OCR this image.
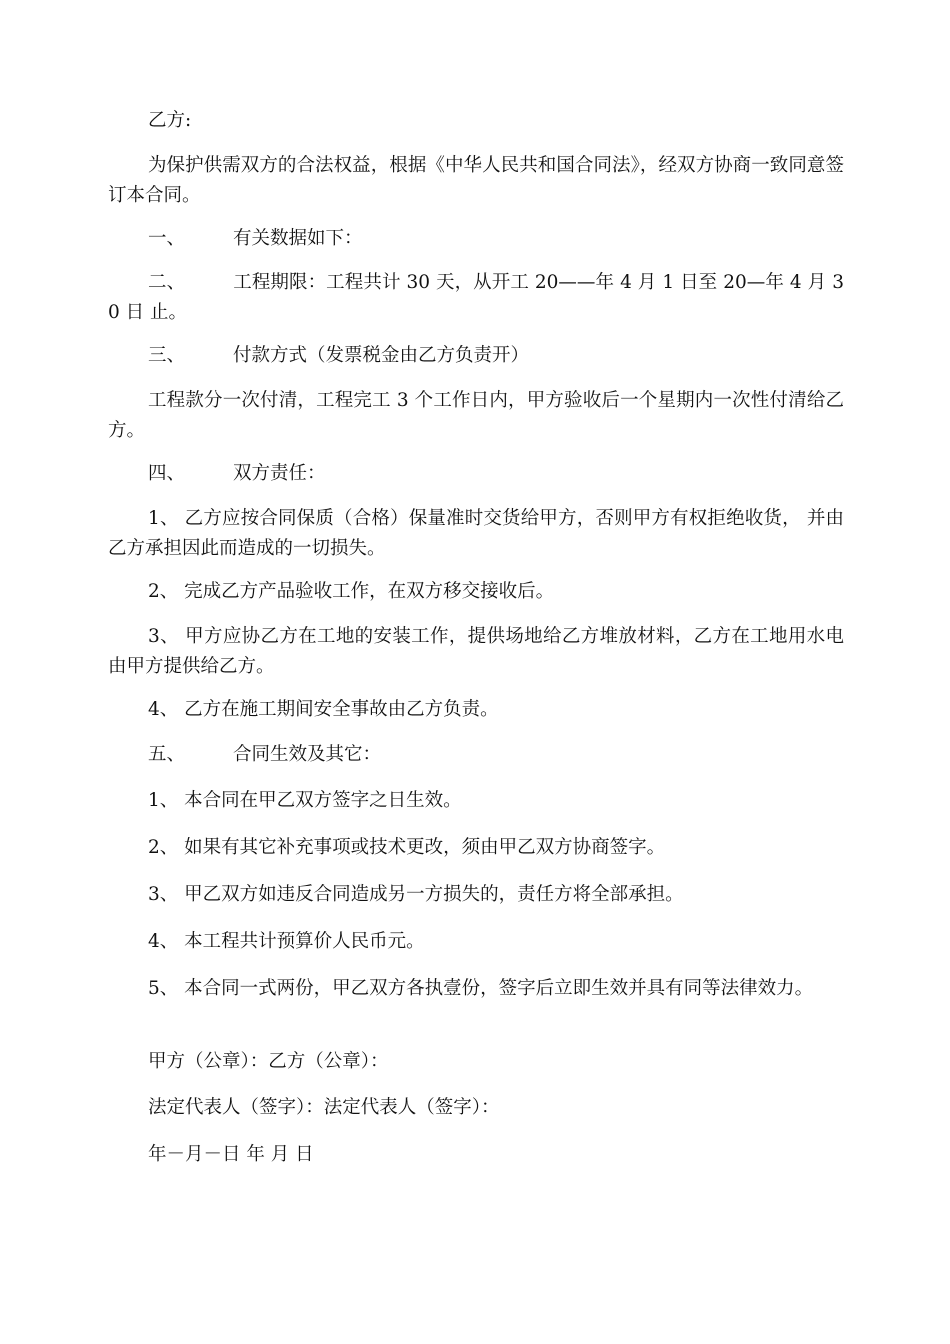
乙方:
为保护供需双方的合法权益，根据《中华人民共和国合同法》，经双方协商一致同意签订本合同。
一、	有关数据如下：
二、	工程期限：工程共计 30 天，从开工 20——年 4 月 1 日至 20—年 4 月 30 日 止。
三、	付款方式（发票税金由乙方负责开）
工程款分一次付清，工程完工 3 个工作日内，甲方验收后一个星期内一次性付清给乙方。
四、	双方责任：
1、 乙方应按合同保质（合格）保量准时交货给甲方，否则甲方有权拒绝收货， 并由乙方承担因此而造成的一切损失。
2、 完成乙方产品验收工作，在双方移交接收后。
3、 甲方应协乙方在工地的安装工作，提供场地给乙方堆放材料，乙方在工地用水电由甲方提供给乙方。
4、 乙方在施工期间安全事故由乙方负责。
五、	合同生效及其它：
1、 本合同在甲乙双方签字之日生效。
2、 如果有其它补充事项或技术更改，须由甲乙双方协商签字。
3、 甲乙双方如违反合同造成另一方损失的，责任方将全部承担。
4、 本工程共计预算价人民币元。
5、 本合同一式两份，甲乙双方各执壹份，签字后立即生效并具有同等法律效力。
甲方（公章）：乙方（公章）：
法定代表人（签字）：法定代表人（签字）：
年－月－日 年 月 日
